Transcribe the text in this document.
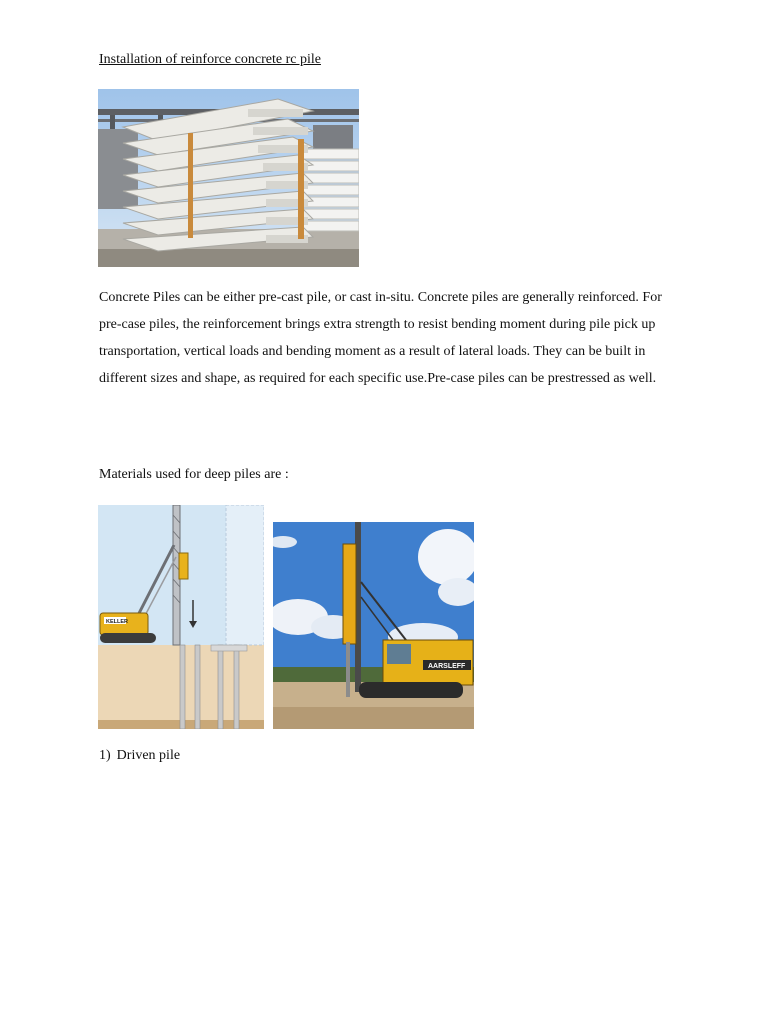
Installation of reinforce concrete rc pile

Concrete Piles can be either pre-cast pile, or cast in-situ. Concrete piles are generally reinforced. For pre-case piles, the reinforcement brings extra strength to resist bending moment during pile pick up transportation, vertical loads and bending moment as a result of lateral loads. They can be built in different sizes and shape, as required for each specific use.Pre-case piles can be prestressed as well.

Materials used for deep piles are :

KELLER
AARSLEFF

1) Driven pile
